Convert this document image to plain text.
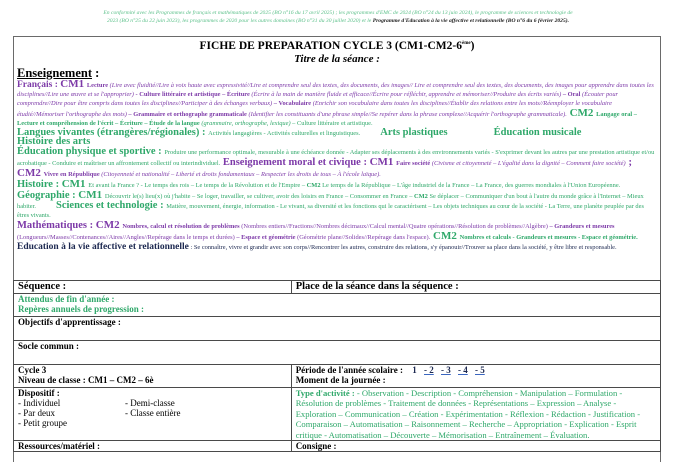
En conformité avec les Programmes de français et mathématiques de 2025 (BO n°16 du 17 avril 2025) ; les programmes d'EMC de 2024 (BO n°24 du 13 juin 2024), le programme de sciences et technologie de
2023 (BO n°25 du 22 juin 2023), les programmes de 2020 pour les autres domaines (BO n°31 du 30 juillet 2020) et le Programme d'Education à la vie affective et relationnelle (BO n°6 du 6 février 2025).
FICHE DE PREPARATION CYCLE 3 (CM1-CM2-6ème)
Titre de la séance :
Enseignement :
Français : CM1 Lecture (Lire avec fluidité//Lire à voix haute avec expressivité//Lire et comprendre seul des textes, des documents, des images// Lire et comprendre seul des textes, des documents, des images pour apprendre dans toutes les disciplines//Lire une œuvre et se l'approprier) - Culture littéraire et artistique – Écriture (Écrire à la main de manière fluide et efficace//Écrire pour réfléchir, apprendre et mémoriser//Produire des écrits variés) – Oral (Écouter pour comprendre//Dire pour être compris dans toutes les disciplines//Participer à des échanges verbaux) – Vocabulaire (Enrichir son vocabulaire dans toutes les disciplines//Établir des relations entre les mots//Réemployer le vocabulaire étudié//Mémoriser l'orthographe des mots) – Grammaire et orthographe grammaticale (Identifier les constituants d'une phrase simple//Se repérer dans la phrase complexe//Acquérir l'orthographe grammaticale). CM2 Langage oral – Lecture et compréhension de l'écrit – Écriture – Étude de la langue (grammaire, orthographe, lexique) – Culture littéraire et artistique.
Langues vivantes (étrangères/régionales) : Activités langagières - Activités culturelles et linguistiques. Arts plastiques	Éducation musicaleHistoire des arts
Éducation physique et sportive : Produire une performance optimale, mesurable à une échéance donnée - Adapter ses déplacements à des environnements variés - S'exprimer devant les autres par une prestation artistique et/ou acrobatique - Conduire et maîtriser un affrontement collectif ou interindividuel. Enseignement moral et civique : CM1 Faire société (Civisme et citoyenneté – L'égalité dans la dignité – Comment faire société) ; CM2 Vivre en République (Citoyenneté et nationalité – Liberté et droits fondamentaux – Respecter les droits de tous – À l'école laïque).
Histoire : CM1 Et avant la France ? - Le temps des rois – Le temps de la Révolution et de l'Empire – CM2 Le temps de la République – L'âge industriel de la France – La France, des guerres mondiales à l'Union Européenne.Géographie : CM1 Découvrir le(s) lieu(x) où j'habite – Se loger, travailler, se cultiver, avoir des loisirs en France – Consommer en France – CM2 Se déplacer – Communiquer d'un bout à l'autre du monde grâce à l'Internet – Mieux habiter. Sciences et technologie : Matière, mouvement, énergie, information - Le vivant, sa diversité et les fonctions qui le caractérisent – Les objets techniques au cœur de la société - La Terre, une planète peuplée par des êtres vivants.
Mathématiques : CM2 Nombres, calcul et résolution de problèmes (Nombres entiers//Fractions//Nombres décimaux//Calcul mental//Quatre opérations//Résolution de problèmes//Algèbre) – Grandeurs et mesures (Longueurs//Masses//Contenances//Aires//Angles//Repérage dans le temps et durées) – Espace et géométrie (Géométrie plane//Solides//Repérage dans l'espace). CM2 Nombres et calculs - Grandeurs et mesures - Espace et géométrie.
Education à la vie affective et relationnelle : Se connaître, vivre et grandir avec son corps//Rencontrer les autres, construire des relations, s'y épanouir//Trouver sa place dans la société, y être libre et responsable.
Séquence :	Place de la séance dans la séquence :

Attendus de fin d'année :
Repères annuels de progression :	

Objectifs d'apprentissage :	
Socle commun :	

Cycle 3
Niveau de classe : CM1 – CM2 – 6è

Période de l'année scolaire : 1 - 2 - 3 - 4 - 5
Moment de la journée :

Dispositif :
- Individuel	- Demi-classe
- Par deux	- Classe entière
- Petit groupe
	Type d'activité : - Observation - Description - Compréhension - Manipulation – Formulation - Résolution de problèmes - Traitement de données - Représentations – Expression – Analyse - Exploration – Communication – Création - Expérimentation - Réflexion - Rédaction - Justification - Comparaison – Automatisation – Raisonnement – Recherche – Appropriation - Explication - Esprit critique - Automatisation – Découverte – Mémorisation – Entraînement – Évaluation.
Ressources/matériel :	Consigne :
